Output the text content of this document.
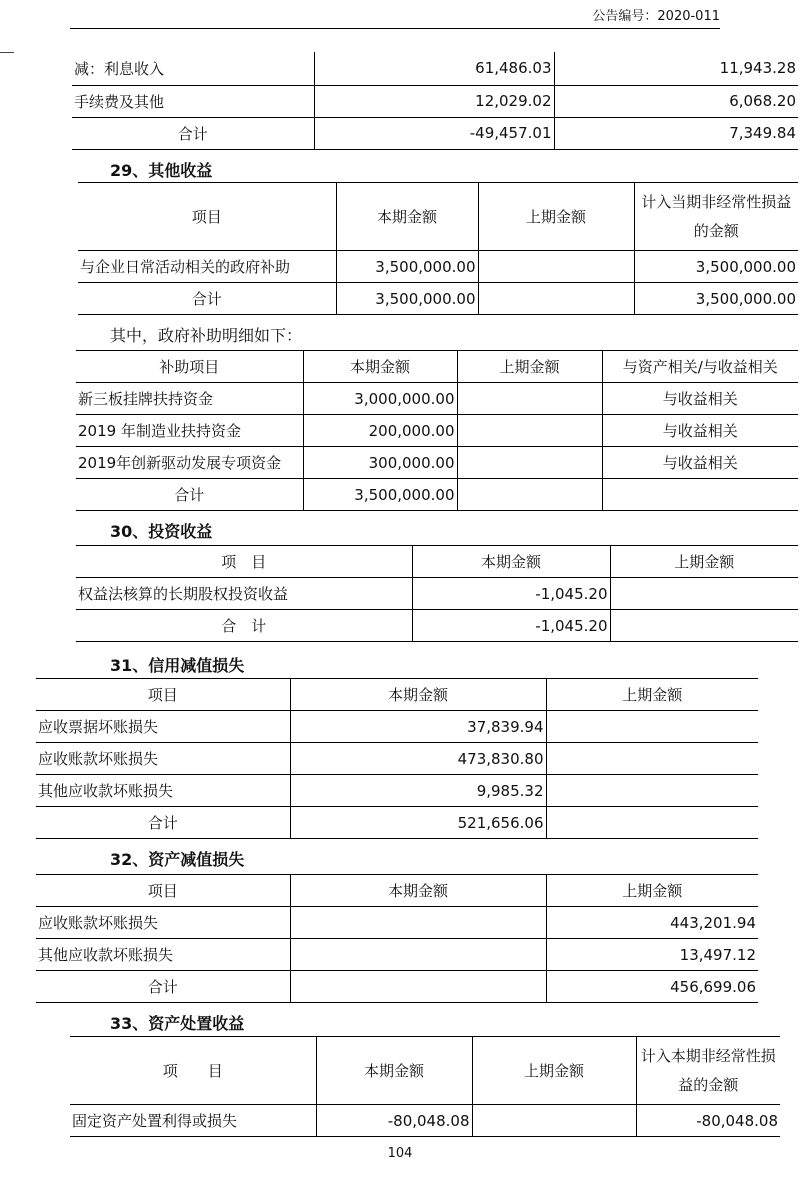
公告编号：2020-011
减：利息收入	61,486.03	11,943.28
手续费及其他	12,029.02	6,068.20
合计	-49,457.01	7,349.84
29、其他收益
项目	本期金额	上期金额	计入当期非经常性损益的金额
与企业日常活动相关的政府补助	3,500,000.00		3,500,000.00
合计	3,500,000.00		3,500,000.00
其中，政府补助明细如下：
补助项目	本期金额	上期金额	与资产相关/与收益相关
新三板挂牌扶持资金	3,000,000.00		与收益相关
2019 年制造业扶持资金	200,000.00		与收益相关
2019年创新驱动发展专项资金	300,000.00		与收益相关
合计	3,500,000.00		
30、投资收益
项　目	本期金额	上期金额
权益法核算的长期股权投资收益	-1,045.20	
合　计	-1,045.20	
31、信用减值损失
项目	本期金额	上期金额
应收票据坏账损失	37,839.94	
应收账款坏账损失	473,830.80	
其他应收款坏账损失	9,985.32	
合计	521,656.06	
32、资产减值损失
项目	本期金额	上期金额
应收账款坏账损失		443,201.94
其他应收款坏账损失		13,497.12
合计		456,699.06
33、资产处置收益
项　　目	本期金额	上期金额	计入本期非经常性损益的金额
固定资产处置利得或损失	-80,048.08		-80,048.08
104
